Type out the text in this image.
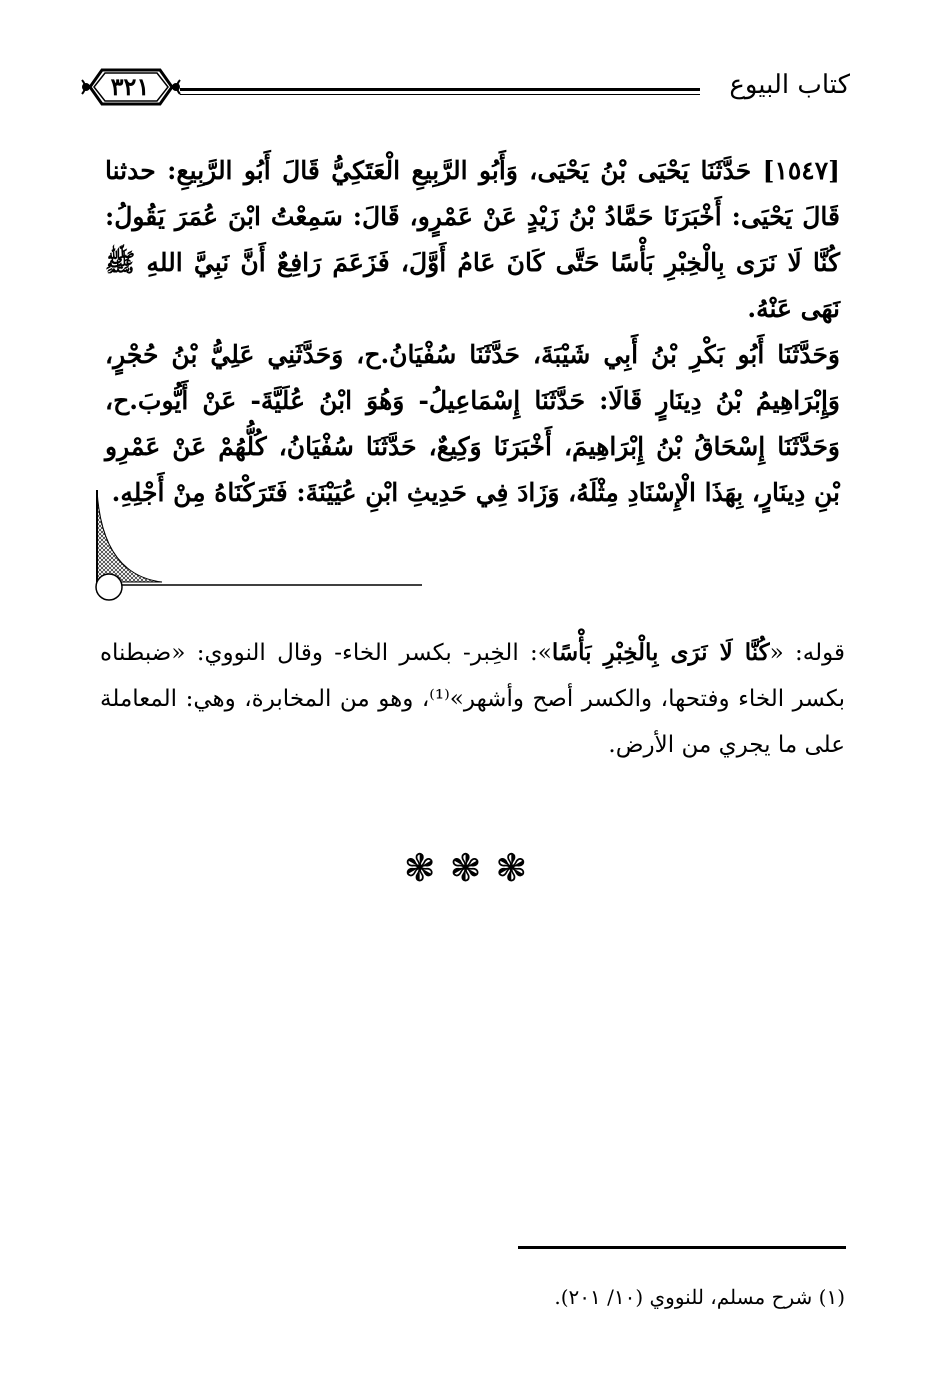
٣٢١	كتاب البيوع

[١٥٤٧] حَدَّثَنَا يَحْيَى بْنُ يَحْيَى، وَأَبُو الرَّبِيعِ الْعَتَكِيُّ قَالَ أَبُو الرَّبِيعِ: حدثنا قَالَ يَحْيَى: أَخْبَرَنَا حَمَّادُ بْنُ زَيْدٍ عَنْ عَمْرٍو، قَالَ: سَمِعْتُ ابْنَ عُمَرَ يَقُولُ: كُنَّا لَا نَرَى بِالْخِبْرِ بَأْسًا حَتَّى كَانَ عَامُ أَوَّلَ، فَزَعَمَ رَافِعٌ أَنَّ نَبِيَّ اللهِ ﷺ نَهَى عَنْهُ.

وَحَدَّثَنَا أَبُو بَكْرِ بْنُ أَبِي شَيْبَةَ، حَدَّثَنَا سُفْيَانُ.ح، وَحَدَّثَنِي عَلِيُّ بْنُ حُجْرٍ، وَإِبْرَاهِيمُ بْنُ دِينَارٍ قَالَا: حَدَّثَنَا إِسْمَاعِيلُ- وَهُوَ ابْنُ عُلَيَّةَ- عَنْ أَيُّوبَ.ح، وَحَدَّثَنَا إِسْحَاقُ بْنُ إِبْرَاهِيمَ، أَخْبَرَنَا وَكِيعٌ، حَدَّثَنَا سُفْيَانُ، كُلُّهُمْ عَنْ عَمْرِو بْنِ دِينَارٍ، بِهَذَا الْإِسْنَادِ مِثْلَهُ، وَزَادَ فِي حَدِيثِ ابْنِ عُيَيْنَةَ: فَتَرَكْنَاهُ مِنْ أَجْلِهِ.

قوله: «كُنَّا لَا نَرَى بِالْخِبْرِ بَأْسًا»: الخِبر- بكسر الخاء- وقال النووي: «ضبطناه بكسر الخاء وفتحها، والكسر أصح وأشهر»⁽¹⁾، وهو من المخابرة، وهي: المعاملة على ما يجري من الأرض.

❃❃❃
(١) شرح مسلم، للنووي (١٠/ ٢٠١).
